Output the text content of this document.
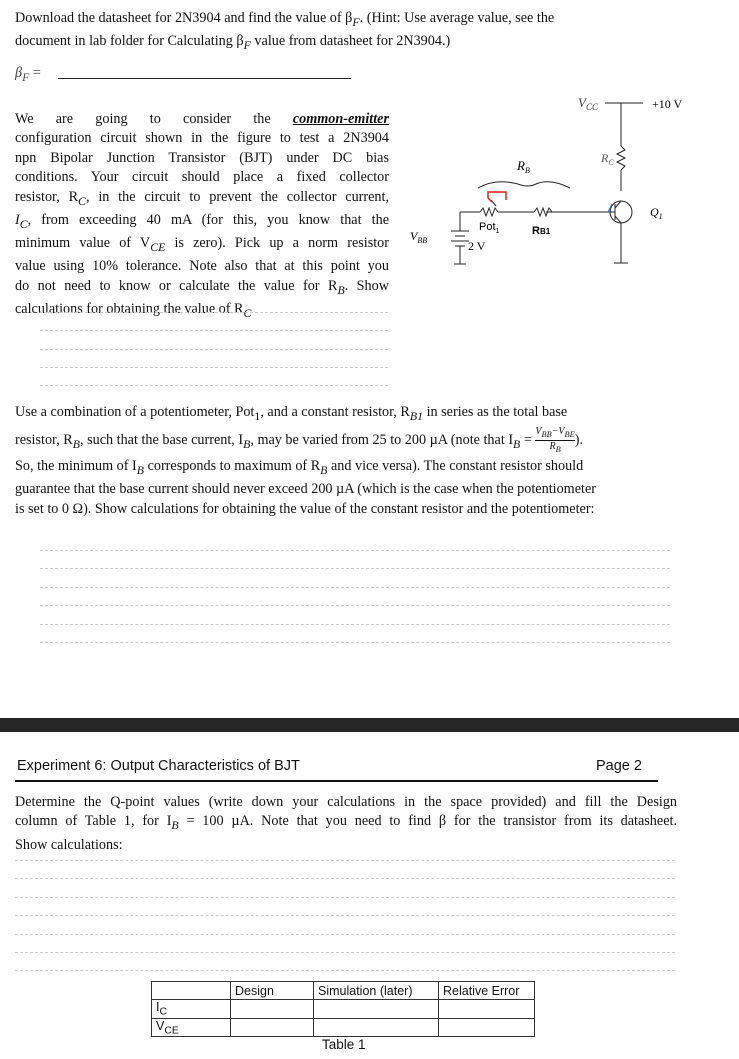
Download the datasheet for 2N3904 and find the value of $\beta_F$. (Hint: Use average value, see the
document in lab folder for Calculating $\beta_F$ value from datasheet for 2N3904.)

$\beta_F$ =

We are going to consider the common-emitter
configuration circuit shown in the figure to test a 2N3904
npn Bipolar Junction Transistor (BJT) under DC bias
conditions. Your circuit should place a fixed collector
resistor, $R_C$, in the circuit to prevent the collector current,
$I_C$, from exceeding 40 mA (for this, you know that the
minimum value of $V_{CE}$ is zero). Pick up a norm resistor
value using 10% tolerance. Note also that at this point you
do not need to know or calculate the value for $R_B$. Show
calculations for obtaining the value of $R_C$
$V_{CC}$	+10 V
$R_C$
$R_B$
$Q_1$
Pot$_1$	RB1
$V_{BB}$	2 V
Use a combination of a potentiometer, Pot$_1$, and a constant resistor, $R_{B1}$ in series as the total base
resistor, $R_B$, such that the base current, $I_B$, may be varied from 25 to 200 µA (note that $I_B$ =
$V_{BB}-V_{BE}$
$R_B$
).
So, the minimum of $I_B$ corresponds to maximum of $R_B$ and vice versa). The constant resistor should
guarantee that the base current should never exceed 200 µA (which is the case when the potentiometer
is set to 0 Ω). Show calculations for obtaining the value of the constant resistor and the potentiometer:
Experiment 6: Output Characteristics of BJT	Page 2
Determine the Q-point values (write down your calculations in the space provided) and fill the Design
column of Table 1, for $I_B = 100$ µA. Note that you need to find β for the transistor from its datasheet.
Show calculations:
	Design	Simulation (later)	Relative Error
$I_C$			
$V_{CE}$			
Table 1
